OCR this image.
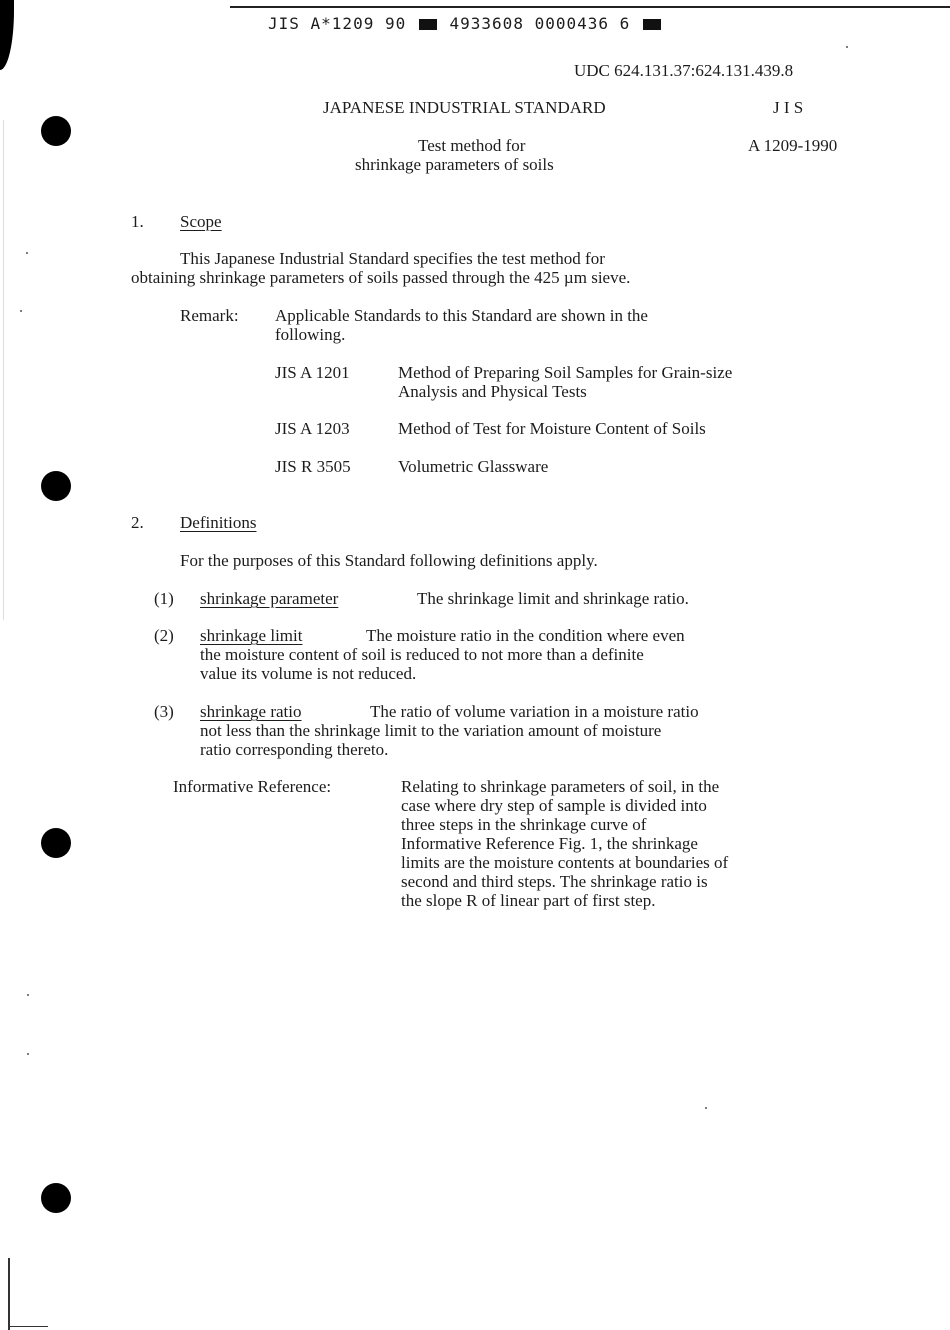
JIS A*1209 90	4933608 0000436 6
UDC 624.131.37:624.131.439.8
JAPANESE INDUSTRIAL STANDARD	J I S
Test method for
shrinkage parameters of soils
A 1209-1990
1. Scope
This Japanese Industrial Standard specifies the test method for
obtaining shrinkage parameters of soils passed through the 425 µm sieve.
Remark: Applicable Standards to this Standard are shown in the
following.
JIS A 1201	Method of Preparing Soil Samples for Grain-size
Analysis and Physical Tests
JIS A 1203	Method of Test for Moisture Content of Soils
JIS R 3505	Volumetric Glassware
2. Definitions
For the purposes of this Standard following definitions apply.
(1) shrinkage parameter	The shrinkage limit and shrinkage ratio.
(2) shrinkage limit	The moisture ratio in the condition where even
the moisture content of soil is reduced to not more than a definite
value its volume is not reduced.
(3) shrinkage ratio	The ratio of volume variation in a moisture ratio
not less than the shrinkage limit to the variation amount of moisture
ratio corresponding thereto.
Informative Reference:	Relating to shrinkage parameters of soil, in the
case where dry step of sample is divided into
three steps in the shrinkage curve of
Informative Reference Fig. 1, the shrinkage
limits are the moisture contents at boundaries of
second and third steps. The shrinkage ratio is
the slope R of linear part of first step.
